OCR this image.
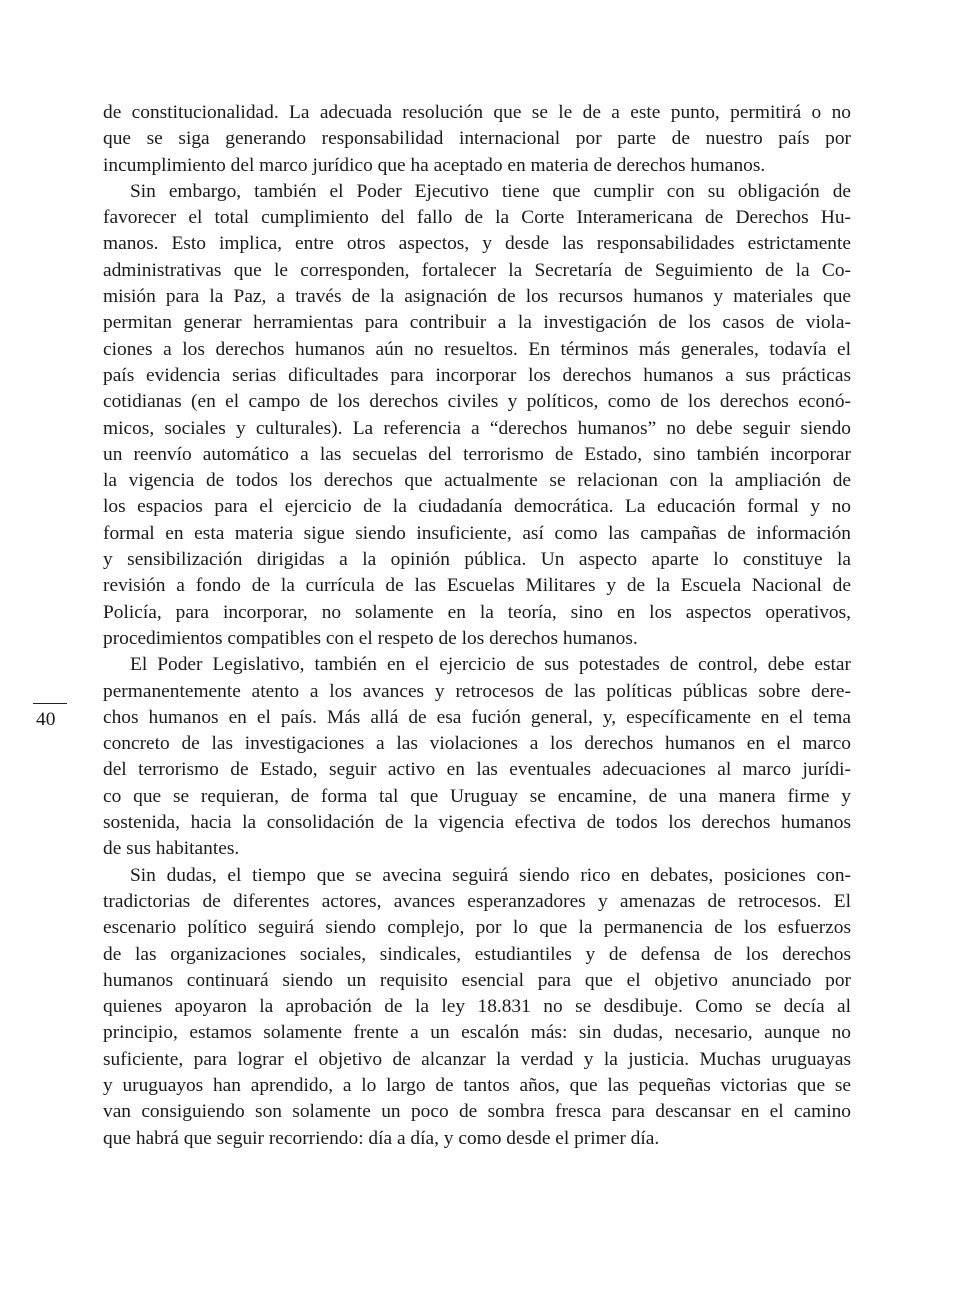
de constitucionalidad. La adecuada resolución que se le de a este punto, permitirá o no
que se siga generando responsabilidad internacional por parte de nuestro país por
incumplimiento del marco jurídico que ha aceptado en materia de derechos humanos.
Sin embargo, también el Poder Ejecutivo tiene que cumplir con su obligación de
favorecer el total cumplimiento del fallo de la Corte Interamericana de Derechos Hu-
manos. Esto implica, entre otros aspectos, y desde las responsabilidades estrictamente
administrativas que le corresponden, fortalecer la Secretaría de Seguimiento de la Co-
misión para la Paz, a través de la asignación de los recursos humanos y materiales que
permitan generar herramientas para contribuir a la investigación de los casos de viola-
ciones a los derechos humanos aún no resueltos. En términos más generales, todavía el
país evidencia serias dificultades para incorporar los derechos humanos a sus prácticas
cotidianas (en el campo de los derechos civiles y políticos, como de los derechos econó-
micos, sociales y culturales). La referencia a “derechos humanos” no debe seguir siendo
un reenvío automático a las secuelas del terrorismo de Estado, sino también incorporar
la vigencia de todos los derechos que actualmente se relacionan con la ampliación de
los espacios para el ejercicio de la ciudadanía democrática. La educación formal y no
formal en esta materia sigue siendo insuficiente, así como las campañas de información
y sensibilización dirigidas a la opinión pública. Un aspecto aparte lo constituye la
revisión a fondo de la currícula de las Escuelas Militares y de la Escuela Nacional de
Policía, para incorporar, no solamente en la teoría, sino en los aspectos operativos,
procedimientos compatibles con el respeto de los derechos humanos.
El Poder Legislativo, también en el ejercicio de sus potestades de control, debe estar
permanentemente atento a los avances y retrocesos de las políticas públicas sobre dere-
chos humanos en el país. Más allá de esa fución general, y, específicamente en el tema
concreto de las investigaciones a las violaciones a los derechos humanos en el marco
del terrorismo de Estado, seguir activo en las eventuales adecuaciones al marco jurídi-
co que se requieran, de forma tal que Uruguay se encamine, de una manera firme y
sostenida, hacia la consolidación de la vigencia efectiva de todos los derechos humanos
de sus habitantes.
Sin dudas, el tiempo que se avecina seguirá siendo rico en debates, posiciones con-
tradictorias de diferentes actores, avances esperanzadores y amenazas de retrocesos. El
escenario político seguirá siendo complejo, por lo que la permanencia de los esfuerzos
de las organizaciones sociales, sindicales, estudiantiles y de defensa de los derechos
humanos continuará siendo un requisito esencial para que el objetivo anunciado por
quienes apoyaron la aprobación de la ley 18.831 no se desdibuje. Como se decía al
principio, estamos solamente frente a un escalón más: sin dudas, necesario, aunque no
suficiente, para lograr el objetivo de alcanzar la verdad y la justicia. Muchas uruguayas
y uruguayos han aprendido, a lo largo de tantos años, que las pequeñas victorias que se
van consiguiendo son solamente un poco de sombra fresca para descansar en el camino
que habrá que seguir recorriendo: día a día, y como desde el primer día.
40
